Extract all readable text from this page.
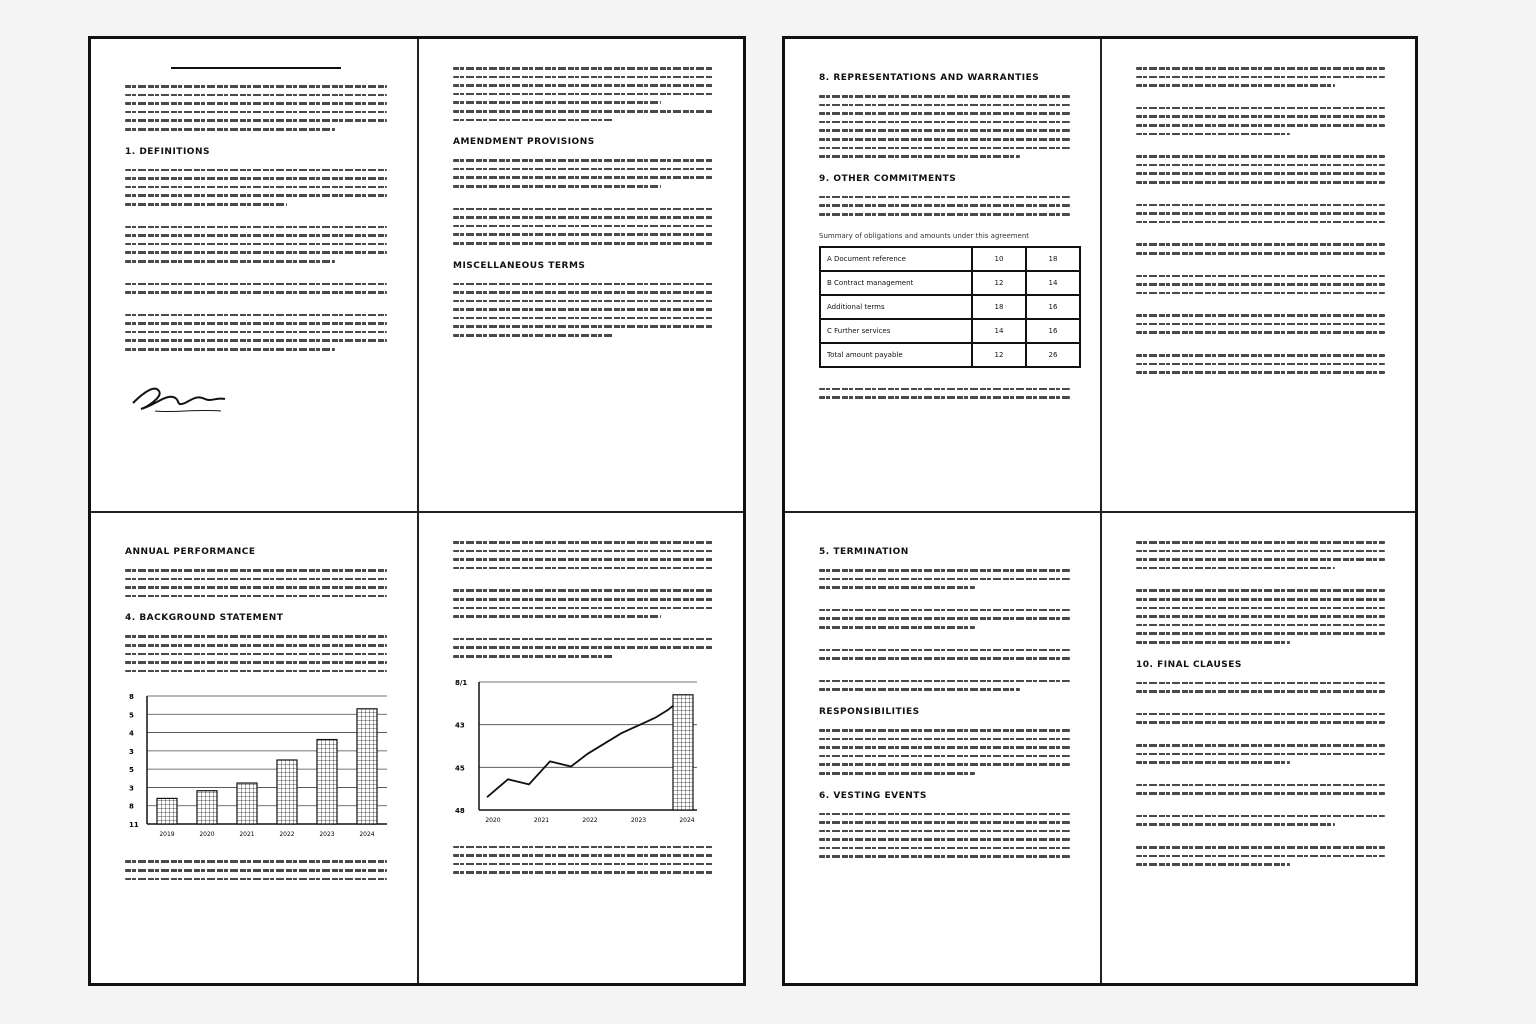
1. DEFINITIONS
AMENDMENT PROVISIONS
MISCELLANEOUS TERMS
ANNUAL PERFORMANCE
4. BACKGROUND STATEMENT
8
5
4
3
5
3
8
11
2019	2020	2021	2022	2023	2024
8/1
43
45
48
2020	2021	2022	2023	2024
8. REPRESENTATIONS AND WARRANTIES
9. OTHER COMMITMENTS
Summary of obligations and amounts under this agreement
A Document reference	10	18
B Contract management	12	14
Additional terms	18	16
C Further services	14	16
Total amount payable	12	26
5. TERMINATION
RESPONSIBILITIES
6. VESTING EVENTS
10. FINAL CLAUSES
